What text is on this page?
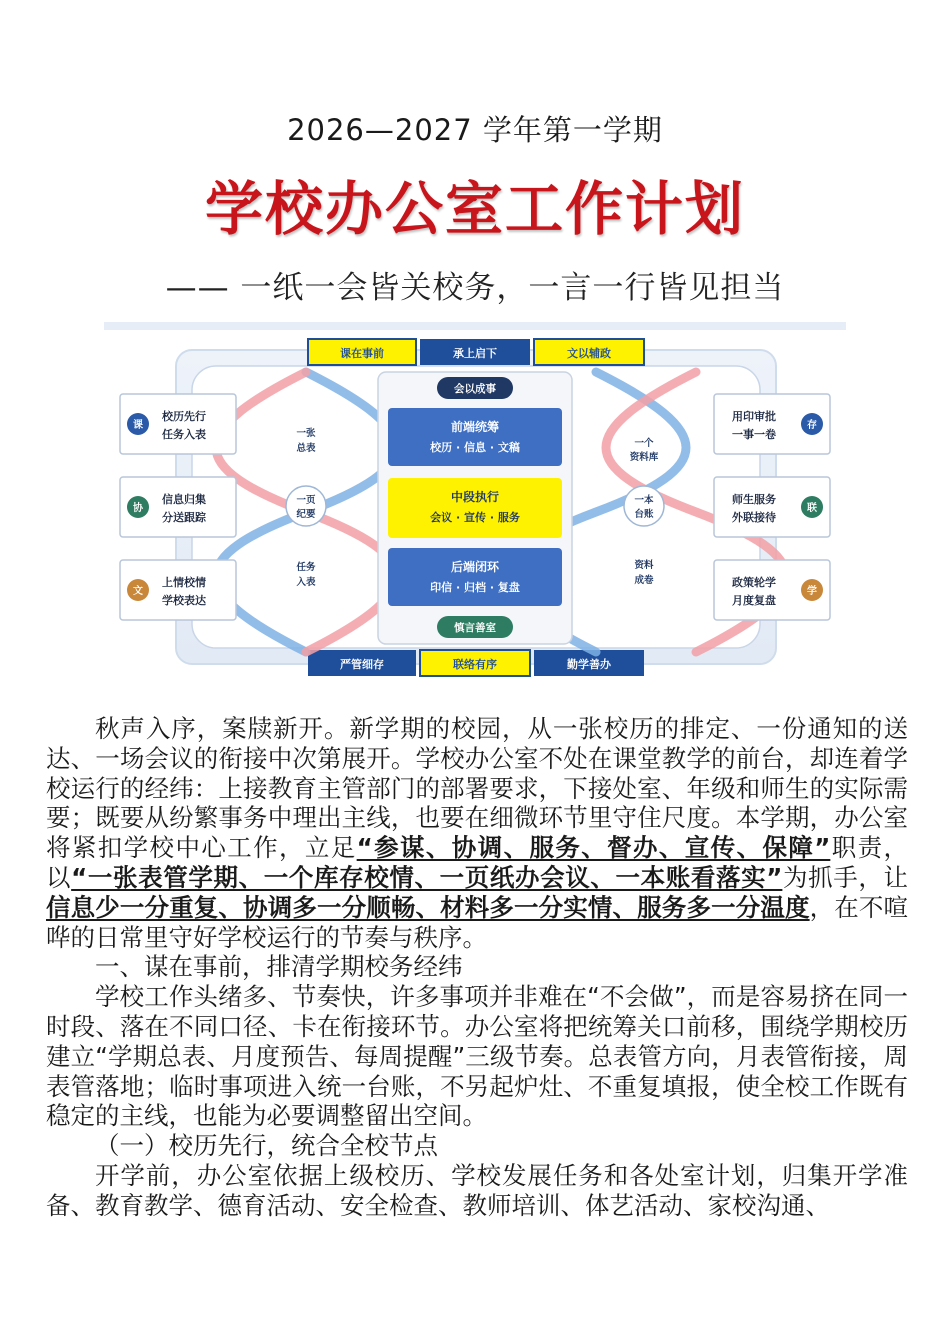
2026—2027 学年第一学期
学校办公室工作计划
—— 一纸一会皆关校务，一言一行皆见担当
课在事前	承上启下	文以辅政
严管细存	联络有序	勤学善办
一张
总表
一页
纪要
任务
入表
一个
资料库
一本
台账
资料
成卷
会以成事
前端统筹
校历 · 信息 · 文稿
中段执行
会议 · 宣传 · 服务
后端闭环
印信 · 归档 · 复盘
慎言善室
课
校历先行
任务入表
协
信息归集
分送跟踪
文
上情校情
学校表达
存
用印审批
一事一卷
联
师生服务
外联接待
学
政策轮学
月度复盘

秋声入序，案牍新开。新学期的校园，从一张校历的排定、一份通知的送达、一场会议的衔接中次第展开。学校办公室不处在课堂教学的前台，却连着学校运行的经纬：上接教育主管部门的部署要求，下接处室、年级和师生的实际需要；既要从纷繁事务中理出主线，也要在细微环节里守住尺度。本学期，办公室将紧扣学校中心工作，立足“参谋、协调、服务、督办、宣传、保障”职责，以“一张表管学期、一个库存校情、一页纸办会议、一本账看落实”为抓手，让信息少一分重复、协调多一分顺畅、材料多一分实情、服务多一分温度，在不喧哗的日常里守好学校运行的节奏与秩序。

一、谋在事前，排清学期校务经纬

学校工作头绪多、节奏快，许多事项并非难在“不会做”，而是容易挤在同一时段、落在不同口径、卡在衔接环节。办公室将把统筹关口前移，围绕学期校历建立“学期总表、月度预告、每周提醒”三级节奏。总表管方向，月表管衔接，周表管落地；临时事项进入统一台账，不另起炉灶、不重复填报，使全校工作既有稳定的主线，也能为必要调整留出空间。

（一）校历先行，统合全校节点

开学前，办公室依据上级校历、学校发展任务和各处室计划，归集开学准备、教育教学、德育活动、安全检查、教师培训、体艺活动、家校沟通、
